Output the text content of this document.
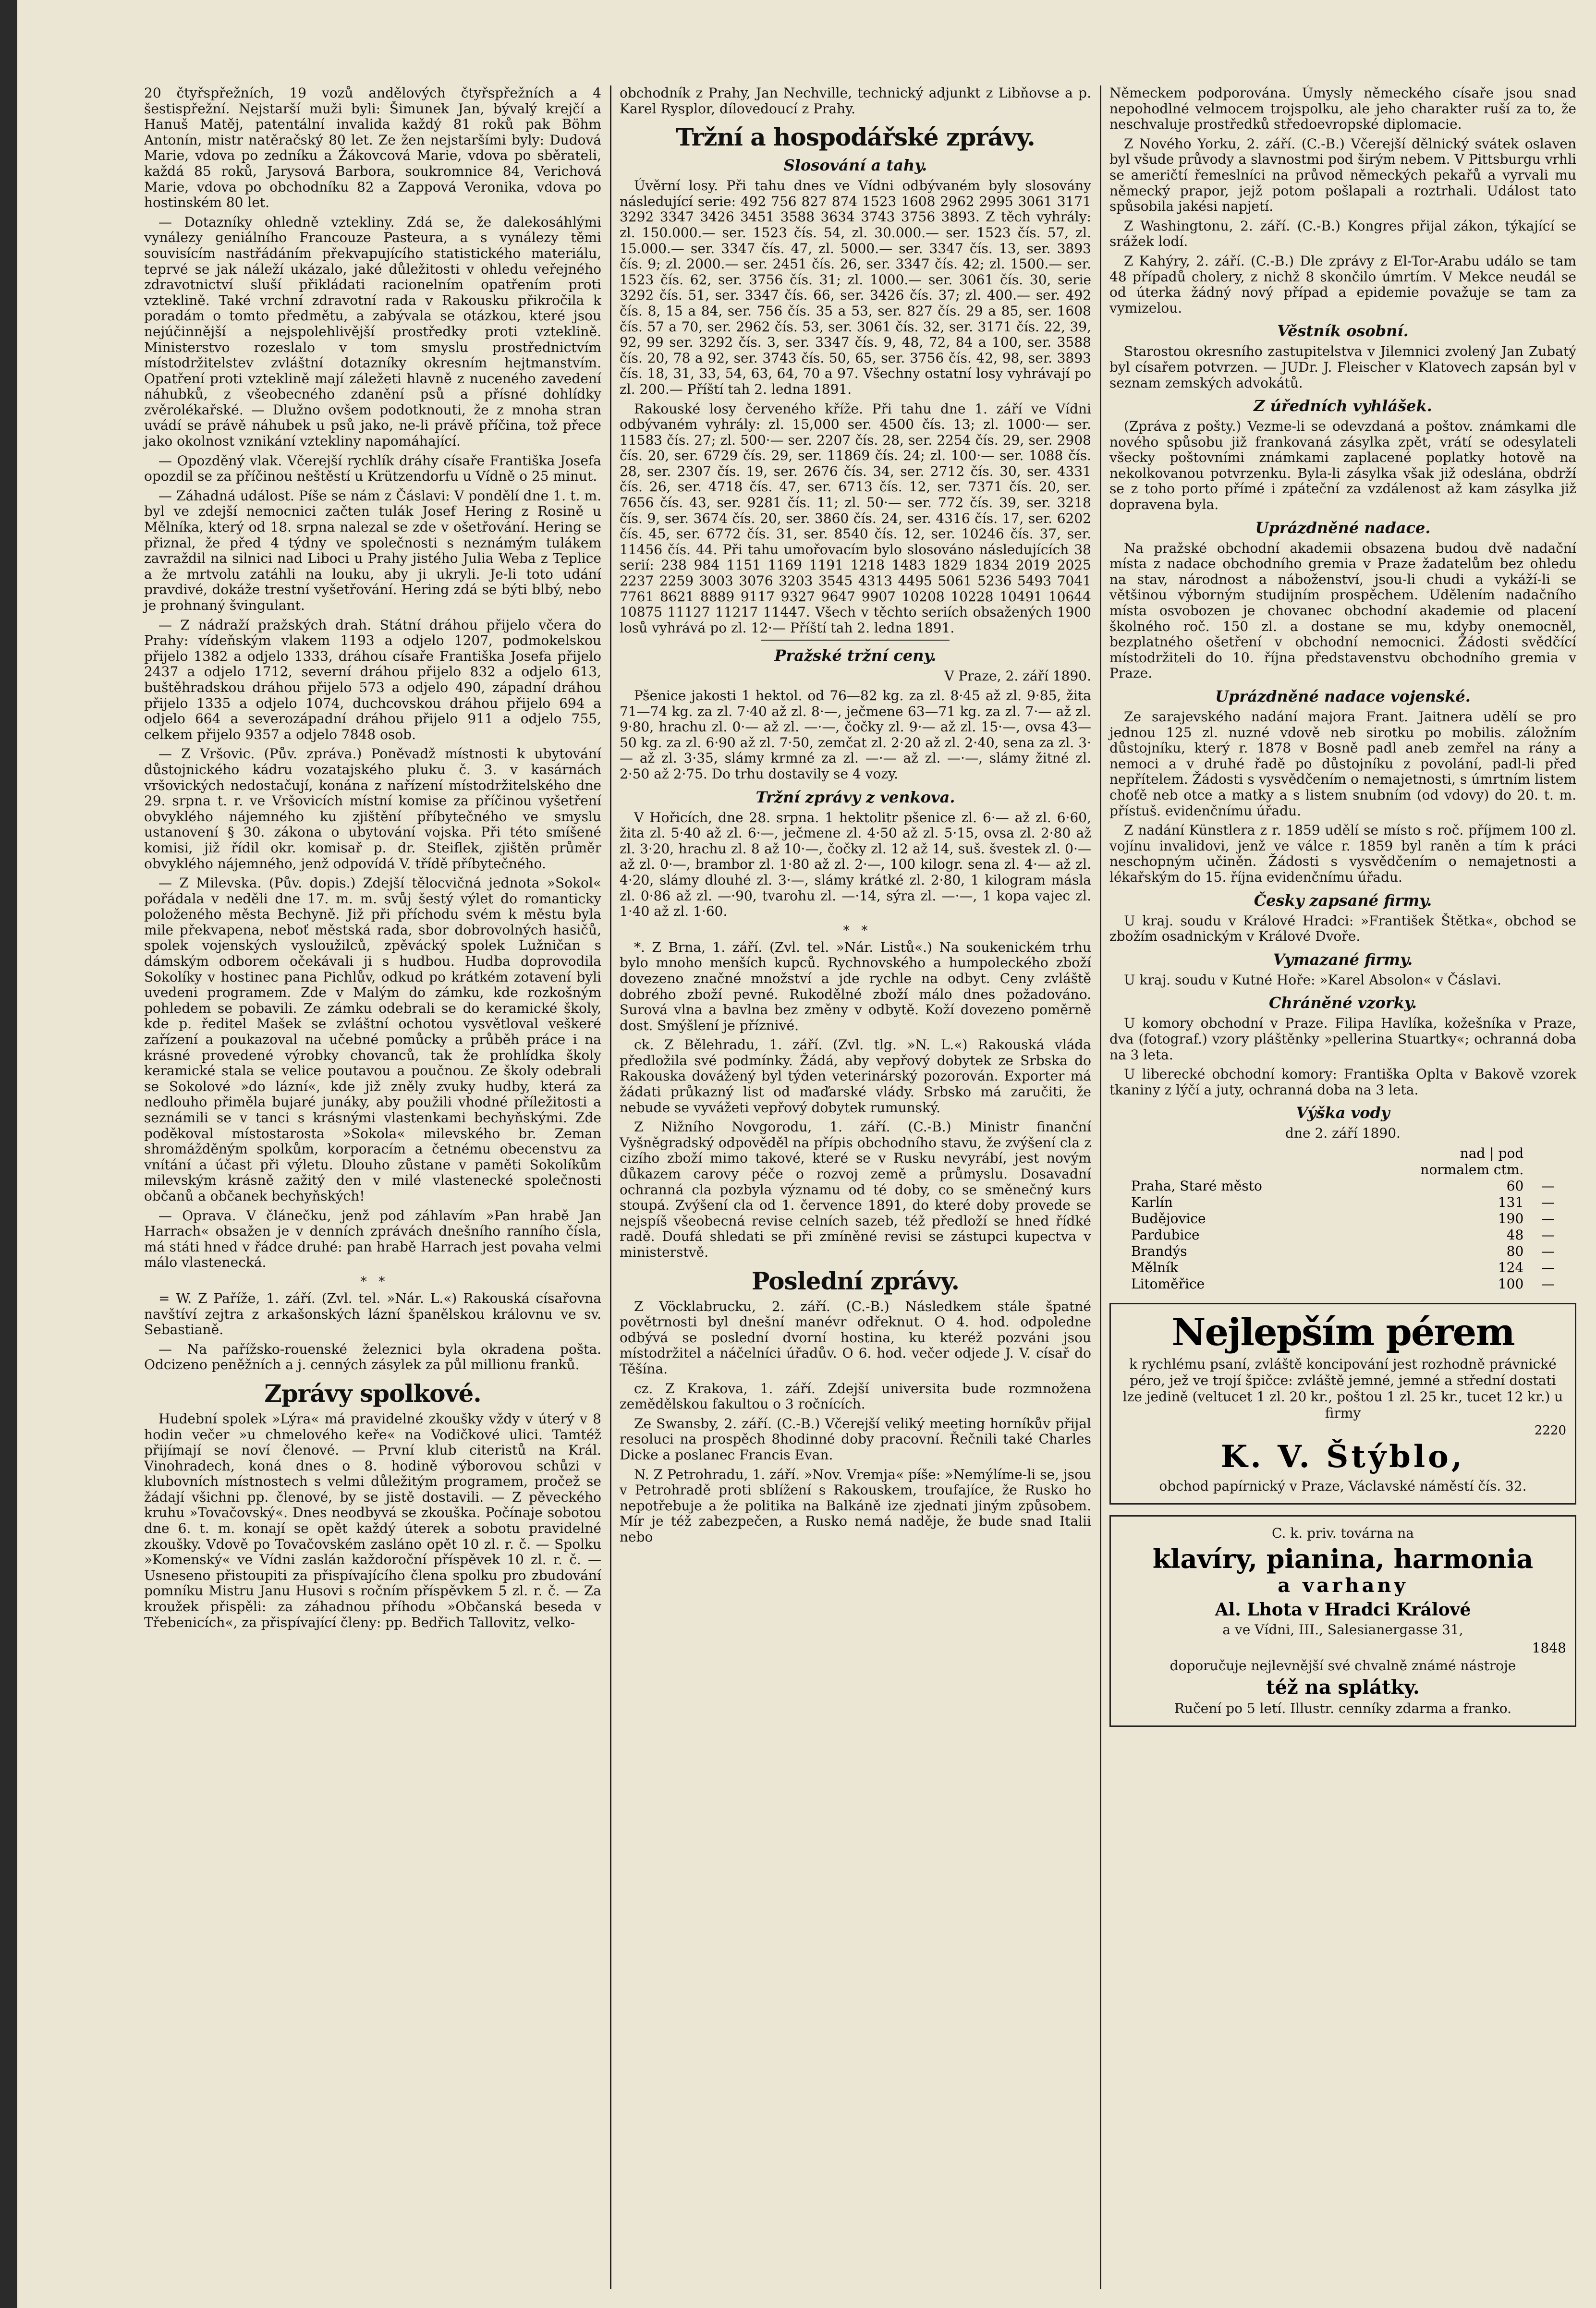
20 čtyřspřežních, 19 vozů andělových čtyřspřežních a 4 šestispřežní. Nejstarší muži byli: Šimunek Jan, bývalý krejčí a Hanuš Matěj, patentální invalida každý 81 roků pak Böhm Antonín, mistr natěračský 80 let. Ze žen nejstaršími byly: Dudová Marie, vdova po zedníku a Žákovcová Marie, vdova po sběrateli, každá 85 roků, Jarysová Barbora, soukromnice 84, Verichová Marie, vdova po obchodníku 82 a Zappová Veronika, vdova po hostinském 80 let.

— Dotazníky ohledně vztekliny. Zdá se, že dalekosáhlými vynálezy geniálního Francouze Pasteura, a s vynálezy těmi souvisícím nastřádáním překvapujícího statistického materiálu, teprvé se jak náleží ukázalo, jaké důležitosti v ohledu veřejného zdravotnictví sluší přikládati racionelním opatřením proti vzteklině. Také vrchní zdravotní rada v Rakousku přikročila k poradám o tomto předmětu, a zabývala se otázkou, které jsou nejúčinnější a nejspolehlivější prostředky proti vzteklině. Ministerstvo rozeslalo v tom smyslu prostřednictvím místodržitelstev zvláštní dotazníky okresním hejtmanstvím. Opatření proti vzteklině mají záležeti hlavně z nuceného zavedení náhubků, z všeobecného zdanění psů a přísné dohlídky zvěrolékařské. — Dlužno ovšem podotknouti, že z mnoha stran uvádí se právě náhubek u psů jako, ne-li právě příčina, tož přece jako okolnost vznikání vztekliny napomáhající.

— Opozděný vlak. Včerejší rychlík dráhy císaře Františka Josefa opozdil se za příčinou neštěstí u Krützendorfu u Vídně o 25 minut.

— Záhadná událost. Píše se nám z Čáslavi: V pondělí dne 1. t. m. byl ve zdejší nemocnici začten tulák Josef Hering z Rosině u Mělníka, který od 18. srpna nalezal se zde v ošetřování. Hering se přiznal, že před 4 týdny ve společnosti s neznámým tulákem zavraždil na silnici nad Liboci u Prahy jistého Julia Weba z Teplice a že mrtvolu zatáhli na louku, aby ji ukryli. Je-li toto udání pravdivé, dokáže trestní vyšetřování. Hering zdá se býti blbý, nebo je prohnaný švingulant.

— Z nádraží pražských drah. Státní dráhou přijelo včera do Prahy: vídeňským vlakem 1193 a odjelo 1207, podmokelskou přijelo 1382 a odjelo 1333, dráhou císaře Františka Josefa přijelo 2437 a odjelo 1712, severní dráhou přijelo 832 a odjelo 613, buštěhradskou dráhou přijelo 573 a odjelo 490, západní dráhou přijelo 1335 a odjelo 1074, duchcovskou dráhou přijelo 694 a odjelo 664 a severozápadní dráhou přijelo 911 a odjelo 755, celkem přijelo 9357 a odjelo 7848 osob.

— Z Vršovic. (Pův. zpráva.) Poněvadž místnosti k ubytování důstojnického kádru vozatajského pluku č. 3. v kasárnách vršovických nedostačují, konána z nařízení místodržitelského dne 29. srpna t. r. ve Vršovicích místní komise za příčinou vyšetření obvyklého nájemného ku zjištění příbytečného ve smyslu ustanovení § 30. zákona o ubytování vojska. Při této smíšené komisi, již řídil okr. komisař p. dr. Steiflek, zjištěn průměr obvyklého nájemného, jenž odpovídá V. třídě příbytečného.

— Z Milevska. (Pův. dopis.) Zdejší tělocvičná jednota »Sokol« pořádala v neděli dne 17. m. m. svůj šestý výlet do romanticky položeného města Bechyně. Již při příchodu svém k městu byla mile překvapena, neboť městská rada, sbor dobrovolných hasičů, spolek vojenských vysloužilců, zpěvácký spolek Lužničan s dámským odborem očekávali ji s hudbou. Hudba doprovodila Sokolíky v hostinec pana Pichlův, odkud po krátkém zotavení byli uvedeni programem. Zde v Malým do zámku, kde rozkošným pohledem se pobavili. Ze zámku odebrali se do keramické školy, kde p. ředitel Mašek se zvláštní ochotou vysvětloval veškeré zařízení a poukazoval na učebné pomůcky a průběh práce i na krásné provedené výrobky chovanců, tak že prohlídka školy keramické stala se velice poutavou a poučnou. Ze školy odebrali se Sokolové »do lázní«, kde již zněly zvuky hudby, která za nedlouho přiměla bujaré junáky, aby použili vhodné příležitosti a seznámili se v tanci s krásnými vlastenkami bechyňskými. Zde poděkoval místostarosta »Sokola« milevského br. Zeman shromážděným spolkům, korporacím a četnému obecenstvu za vnítání a účast při výletu. Dlouho zůstane v paměti Sokolíkům milevským krásně zažitý den v milé vlastenecké společnosti občanů a občanek bechyňských!

— Oprava. V článečku, jenž pod záhlavím »Pan hrabě Jan Harrach« obsažen je v denních zprávách dnešního ranního čísla, má státi hned v řádce druhé: pan hrabě Harrach jest povaha velmi málo vlastenecká.

*   *

= W. Z Paříže, 1. září. (Zvl. tel. »Nár. L.«) Rakouská císařovna navštíví zejtra z arkašonských lázní španělskou královnu ve sv. Sebastianě.

— Na pařížsko-rouenské železnici byla okradena pošta. Odcizeno peněžních a j. cenných zásylek za půl millionu franků.

Zprávy spolkové.

Hudební spolek »Lýra« má pravidelné zkoušky vždy v úterý v 8 hodin večer »u chmelového keře« na Vodičkové ulici. Tamtéž přijímají se noví členové. — První klub citeristů na Král. Vinohradech, koná dnes o 8. hodině výborovou schůzi v klubovních místnostech s velmi důležitým programem, pročež se žádají všichni pp. členové, by se jistě dostavili. — Z pěveckého kruhu »Tovačovský«. Dnes neodbyvá se zkouška. Počínaje sobotou dne 6. t. m. konají se opět každý úterek a sobotu pravidelné zkoušky. Vdově po Tovačovském zasláno opět 10 zl. r. č. — Spolku »Komenský« ve Vídni zaslán každoroční příspěvek 10 zl. r. č. — Usneseno přistoupiti za přispívajícího člena spolku pro zbudování pomníku Mistru Janu Husovi s ročním příspěvkem 5 zl. r. č. — Za kroužek přispěli: za záhadnou příhodu »Občanská beseda v Třebenicích«, za přispívající členy: pp. Bedřich Tallovitz, velko-

obchodník z Prahy, Jan Nechville, technický adjunkt z Libňovse a p. Karel Rysplor, dílovedoucí z Prahy.

Tržní a hospodářské zprávy.
Slosování a tahy.

Úvěrní losy. Při tahu dnes ve Vídni odbývaném byly slosovány následující serie: 492 756 827 874 1523 1608 2962 2995 3061 3171 3292 3347 3426 3451 3588 3634 3743 3756 3893. Z těch vyhrály: zl. 150.000.— ser. 1523 čís. 54, zl. 30.000.— ser. 1523 čís. 57, zl. 15.000.— ser. 3347 čís. 47, zl. 5000.— ser. 3347 čís. 13, ser. 3893 čís. 9; zl. 2000.— ser. 2451 čís. 26, ser. 3347 čís. 42; zl. 1500.— ser. 1523 čís. 62, ser. 3756 čís. 31; zl. 1000.— ser. 3061 čís. 30, serie 3292 čís. 51, ser. 3347 čís. 66, ser. 3426 čís. 37; zl. 400.— ser. 492 čís. 8, 15 a 84, ser. 756 čís. 35 a 53, ser. 827 čís. 29 a 85, ser. 1608 čís. 57 a 70, ser. 2962 čís. 53, ser. 3061 čís. 32, ser. 3171 čís. 22, 39, 92, 99 ser. 3292 čís. 3, ser. 3347 čís. 9, 48, 72, 84 a 100, ser. 3588 čís. 20, 78 a 92, ser. 3743 čís. 50, 65, ser. 3756 čís. 42, 98, ser. 3893 čís. 18, 31, 33, 54, 63, 64, 70 a 97. Všechny ostatní losy vyhrávají po zl. 200.— Příští tah 2. ledna 1891.

Rakouské losy červeného kříže. Při tahu dne 1. září ve Vídni odbývaném vyhrály: zl. 15,000 ser. 4500 čís. 13; zl. 1000·— ser. 11583 čís. 27; zl. 500·— ser. 2207 čís. 28, ser. 2254 čís. 29, ser. 2908 čís. 20, ser. 6729 čís. 29, ser. 11869 čís. 24; zl. 100·— ser. 1088 čís. 28, ser. 2307 čís. 19, ser. 2676 čís. 34, ser. 2712 čís. 30, ser. 4331 čís. 26, ser. 4718 čís. 47, ser. 6713 čís. 12, ser. 7371 čís. 20, ser. 7656 čís. 43, ser. 9281 čís. 11; zl. 50·— ser. 772 čís. 39, ser. 3218 čís. 9, ser. 3674 čís. 20, ser. 3860 čís. 24, ser. 4316 čís. 17, ser. 6202 čís. 45, ser. 6772 čís. 31, ser. 8540 čís. 12, ser. 10246 čís. 37, ser. 11456 čís. 44. Při tahu umořovacím bylo slosováno následujících 38 serií: 238 984 1151 1169 1191 1218 1483 1829 1834 2019 2025 2237 2259 3003 3076 3203 3545 4313 4495 5061 5236 5493 7041 7761 8621 8889 9117 9327 9647 9907 10208 10228 10491 10644 10875 11127 11217 11447. Všech v těchto seriích obsažených 1900 losů vyhrává po zl. 12·— Příští tah 2. ledna 1891.

Pražské tržní ceny.

V Praze, 2. září 1890.

Pšenice jakosti 1 hektol. od 76—82 kg. za zl. 8·45 až zl. 9·85, žita 71—74 kg. za zl. 7·40 až zl. 8·—, ječmene 63—71 kg. za zl. 7·— až zl. 9·80, hrachu zl. 0·— až zl. —·—, čočky zl. 9·— až zl. 15·—, ovsa 43—50 kg. za zl. 6·90 až zl. 7·50, zemčat zl. 2·20 až zl. 2·40, sena za zl. 3·— až zl. 3·35, slámy krmné za zl. —·— až zl. —·—, slámy žitné zl. 2·50 až 2·75. Do trhu dostavily se 4 vozy.

Tržní zprávy z venkova.

V Hořicích, dne 28. srpna. 1 hektolitr pšenice zl. 6·— až zl. 6·60, žita zl. 5·40 až zl. 6·—, ječmene zl. 4·50 až zl. 5·15, ovsa zl. 2·80 až zl. 3·20, hrachu zl. 8 až 10·—, čočky zl. 12 až 14, suš. švestek zl. 0·— až zl. 0·—, brambor zl. 1·80 až zl. 2·—, 100 kilogr. sena zl. 4·— až zl. 4·20, slámy dlouhé zl. 3·—, slámy krátké zl. 2·80, 1 kilogram másla zl. 0·86 až zl. —·90, tvarohu zl. —·14, sýra zl. —·—, 1 kopa vajec zl. 1·40 až zl. 1·60.

*   *

*. Z Brna, 1. září. (Zvl. tel. »Nár. Listů«.) Na soukenickém trhu bylo mnoho menších kupců. Rychnovského a humpoleckého zboží dovezeno značné množství a jde rychle na odbyt. Ceny zvláště dobrého zboží pevné. Rukodělné zboží málo dnes požadováno. Surová vlna a bavlna bez změny v odbytě. Koží dovezeno poměrně dost. Smýšlení je příznivé.

ck. Z Bělehradu, 1. září. (Zvl. tlg. »N. L.«) Rakouská vláda předložila své podmínky. Žádá, aby vepřový dobytek ze Srbska do Rakouska dovážený byl týden veterinárský pozorován. Exporter má žádati průkazný list od maďarské vlády. Srbsko má zaručiti, že nebude se vyvážeti vepřový dobytek rumunský.

Z Nižního Novgorodu, 1. září. (C.-B.) Ministr finanční Vyšněgradský odpověděl na přípis obchodního stavu, že zvýšení cla z cizího zboží mimo takové, které se v Rusku nevyrábí, jest novým důkazem carovy péče o rozvoj země a průmyslu. Dosavadní ochranná cla pozbyla významu od té doby, co se směnečný kurs stoupá. Zvýšení cla od 1. července 1891, do které doby provede se nejspíš všeobecná revise celních sazeb, též předloží se hned řídké radě. Doufá shledati se při zmíněné revisi se zástupci kupectva v ministerstvě.

Poslední zprávy.

Z Vöcklabrucku, 2. září. (C.-B.) Následkem stále špatné povětrnosti byl dnešní manévr odřeknut. O 4. hod. odpoledne odbývá se poslední dvorní hostina, ku kteréž pozváni jsou místodržitel a náčelníci úřadův. O 6. hod. večer odjede J. V. císař do Těšína.

cz. Z Krakova, 1. září. Zdejší universita bude rozmnožena zemědělskou fakultou o 3 ročnících.

Ze Swansby, 2. září. (C.-B.) Včerejší veliký meeting horníkův přijal resoluci na prospěch 8hodinné doby pracovní. Řečnili také Charles Dicke a poslanec Francis Evan.

N. Z Petrohradu, 1. září. »Nov. Vremja« píše: »Nemýlíme-li se, jsou v Petrohradě proti sblížení s Rakouskem, troufajíce, že Rusko ho nepotřebuje a že politika na Balkáně ize zjednati jiným způsobem. Mír je též zabezpečen, a Rusko nemá naděje, že bude snad Italii nebo

Německem podporována. Úmysly německého císaře jsou snad nepohodlné velmocem trojspolku, ale jeho charakter ruší za to, že neschvaluje prostředků středoevropské diplomacie.

Z Nového Yorku, 2. září. (C.-B.) Včerejší dělnický svátek oslaven byl všude průvody a slavnostmi pod širým nebem. V Pittsburgu vrhli se američtí řemeslníci na průvod německých pekařů a vyrvali mu německý prapor, jejž potom pošlapali a roztrhali. Událost tato spůsobila jakési napjetí.

Z Washingtonu, 2. září. (C.-B.) Kongres přijal zákon, týkající se srážek lodí.

Z Kahýry, 2. září. (C.-B.) Dle zprávy z El-Tor-Arabu událo se tam 48 případů cholery, z nichž 8 skončilo úmrtím. V Mekce neudál se od úterka žádný nový případ a epidemie považuje se tam za vymizelou.

Věstník osobní.

Starostou okresního zastupitelstva v Jilemnici zvolený Jan Zubatý byl císařem potvrzen. — JUDr. J. Fleischer v Klatovech zapsán byl v seznam zemských advokátů.

Z úředních vyhlášek.

(Zpráva z pošty.) Vezme-li se odevzdaná a poštov. známkami dle nového spůsobu již frankovaná zásylka zpět, vrátí se odesylateli všecky poštovními známkami zaplacené poplatky hotově na nekolkovanou potvrzenku. Bylа-li zásylka však již odeslána, obdrží se z toho porto přímé i zpáteční za vzdálenost až kam zásylka již dopravena byla.

Uprázdněné nadace.

Na pražské obchodní akademii obsazena budou dvě nadační místa z nadace obchodního gremia v Praze žadatelům bez ohledu na stav, národnost a náboženství, jsou-li chudi a vykáží-li se většinou výborným studijním prospěchem. Udělením nadačního místa osvobozen je chovanec obchodní akademie od placení školného roč. 150 zl. a dostane se mu, kdyby onemocněl, bezplatného ošetření v obchodní nemocnici. Žádosti svědčící místodržiteli do 10. října představenstvu obchodního gremia v Praze.

Uprázdněné nadace vojenské.

Ze sarajevského nadání majora Frant. Jaitnera udělí se pro jednou 125 zl. nuzné vdově neb sirotku po mobilis. záložním důstojníku, který r. 1878 v Bosně padl aneb zemřel na rány a nemoci a v druhé řadě po důstojníku z povolání, padl-li před nepřítelem. Žádosti s vysvědčením o nemajetnosti, s úmrtním listem choťě neb otce a matky a s listem snubním (od vdovy) do 20. t. m. přístuš. evidenčnímu úřadu.

Z nadání Künstlera z r. 1859 udělí se místo s roč. příjmem 100 zl. vojínu invalidovi, jenž ve válce r. 1859 byl raněn a tím k práci neschopným učiněn. Žádosti s vysvědčením o nemajetnosti a lékařským do 15. října evidenčnímu úřadu.

Česky zapsané firmy.

U kraj. soudu v Králové Hradci: »František Štětka«, obchod se zbožím osadnickým v Králové Dvoře.

Vymazané firmy.

U kraj. soudu v Kutné Hoře: »Karel Absolon« v Čáslavi.

Chráněné vzorky.

U komory obchodní v Praze. Filipa Havlíka, kožešníka v Praze, dva (fotograf.) vzory pláštěnky »pellerina Stuartky«; ochranná doba na 3 leta.

U liberecké obchodní komory: Františka Oplta v Bakově vzorek tkaniny z lýčí a juty, ochranná doba na 3 leta.

Výška vody

dne 2. září 1890.

	nad | pod	
	normalem ctm.	
Praha, Staré město	60	—
Karlín	131	—
Budějovice	190	—
Pardubice	48	—
Brandýs	80	—
Mělník	124	—
Litoměřice	100	—
Nejlepším pérem

k rychlému psaní, zvláště koncipování jest rozhodně právnické péro, jež ve trojí špičce: zvláště jemné, jemné a střední dostati lze jedině (veltucet 1 zl. 20 kr., poštou 1 zl. 25 kr., tucet 12 kr.) u firmy

2220
K. V. Štýblo,

obchod papírnický v Praze, Václavské náměstí čís. 32.

C. k. priv. továrna na

klavíry, pianina, harmonia
a varhany
Al. Lhota v Hradci Králové

a ve Vídni, III., Salesianergasse 31,

1848

doporučuje nejlevnější své chvalně známé nástroje

též na splátky.

Ručení po 5 letí. Illustr. cenníky zdarma a franko.
